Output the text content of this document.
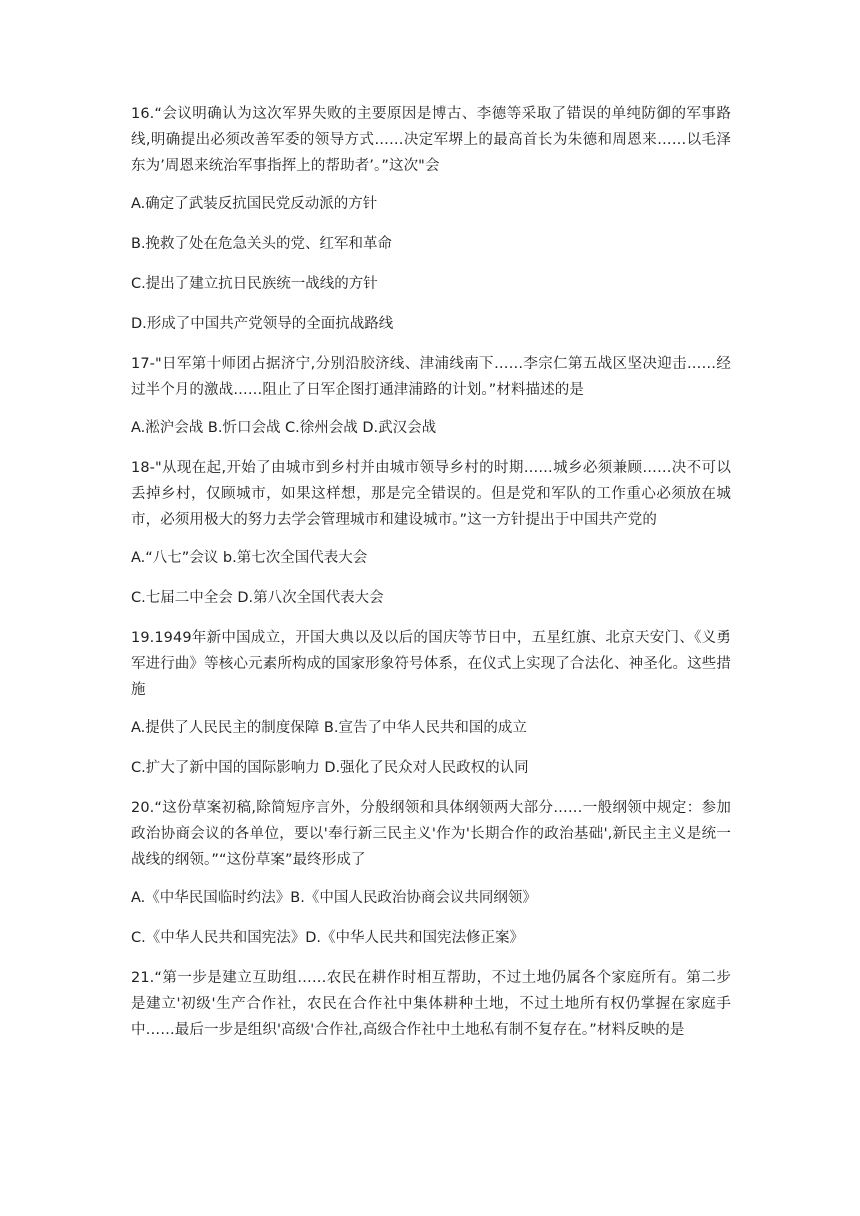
16.“会议明确认为这次军界失败的主要原因是博古、李德等采取了错误的单纯防御的军事路线,明确提出必须改善军委的领导方式……决定军堺上的最高首长为朱德和周恩来……以毛泽东为’周恩来统治军事指挥上的帮助者’。”这次"会

A.确定了武装反抗国民党反动派的方针

B.挽救了处在危急关头的党、红军和革命

C.提出了建立抗日民族统一战线的方针

D.形成了中国共产党领导的全面抗战路线

17-"日军第十师团占据济宁,分别沿胶济线、津浦线南下……李宗仁第五战区坚决迎击……经过半个月的激战……阻止了日军企图打通津浦路的计划。”材料描述的是

A.淞沪会战 B.忻口会战 C.徐州会战 D.武汉会战

18-"从现在起,开始了由城市到乡村并由城市领导乡村的时期……城乡必须兼顾……决不可以丢掉乡村，仅顾城市，如果这样想，那是完全错误的。但是党和军队的工作重心必须放在城市，必须用极大的努力去学会管理城市和建设城市。”这一方针提出于中国共产党的

A.“八七”会议 b.第七次全国代表大会

C.七届二中全会 D.第八次全国代表大会

19.1949年新中国成立，开国大典以及以后的国庆等节日中，五星红旗、北京天安门、《义勇军进行曲》等核心元素所构成的国家形象符号体系，在仪式上实现了合法化、神圣化。这些措施

A.提供了人民民主的制度保障 B.宣告了中华人民共和国的成立

C.扩大了新中国的国际影响力 D.强化了民众对人民政权的认同

20.“这份草案初稿,除简短序言外，分般纲领和具体纲领两大部分……一般纲领中规定：参加政治协商会议的各单位，要以'奉行新三民主义'作为'长期合作的政治基础',新民主主义是统一战线的纲领。”“这份草案”最终形成了

A.《中华民国临时约法》B.《中国人民政治协商会议共同纲领》

C.《中华人民共和国宪法》D.《中华人民共和国宪法修正案》

21.“第一步是建立互助组……农民在耕作时相互帮助，不过土地仍属各个家庭所有。第二步是建立'初级'生产合作社，农民在合作社中集体耕种土地，不过土地所有权仍掌握在家庭手中……最后一步是组织'高级'合作社,高级合作社中土地私有制不复存在。”材料反映的是
